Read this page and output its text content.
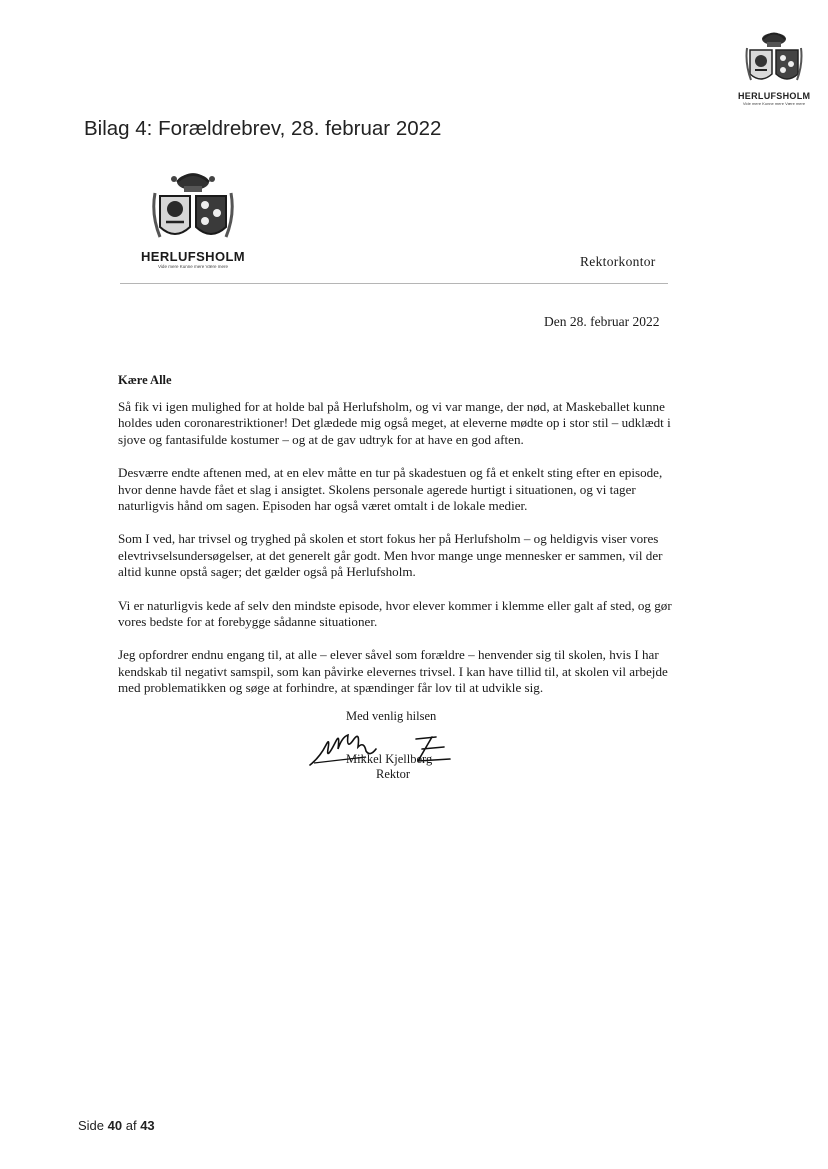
HERLUFSHOLM
Vide mere Kunne mere Være mere
Bilag 4: Forældrebrev, 28. februar 2022
HERLUFSHOLM
Vide mere Kunne mere Være mere	Rektorkontor
Den 28. februar 2022
Kære Alle

Så fik vi igen mulighed for at holde bal på Herlufsholm, og vi var mange, der nød, at Maskeballet kunne holdes uden coronarestriktioner! Det glædede mig også meget, at eleverne mødte op i stor stil – udklædt i sjove og fantasifulde kostumer – og at de gav udtryk for at have en god aften.

Desværre endte aftenen med, at en elev måtte en tur på skadestuen og få et enkelt sting efter en episode, hvor denne havde fået et slag i ansigtet. Skolens personale agerede hurtigt i situationen, og vi tager naturligvis hånd om sagen. Episoden har også været omtalt i de lokale medier.

Som I ved, har trivsel og tryghed på skolen et stort fokus her på Herlufsholm – og heldigvis viser vores elevtrivselsundersøgelser, at det generelt går godt. Men hvor mange unge mennesker er sammen, vil der altid kunne opstå sager; det gælder også på Herlufsholm.

Vi er naturligvis kede af selv den mindste episode, hvor elever kommer i klemme eller galt af sted, og gør vores bedste for at forebygge sådanne situationer.

Jeg opfordrer endnu engang til, at alle – elever såvel som forældre – henvender sig til skolen, hvis I har kendskab til negativt samspil, som kan påvirke elevernes trivsel. I kan have tillid til, at skolen vil arbejde med problematikken og søge at forhindre, at spændinger får lov til at udvikle sig.

Med venlig hilsen
Mikkel Kjellberg
Rektor
Side 40 af 43
